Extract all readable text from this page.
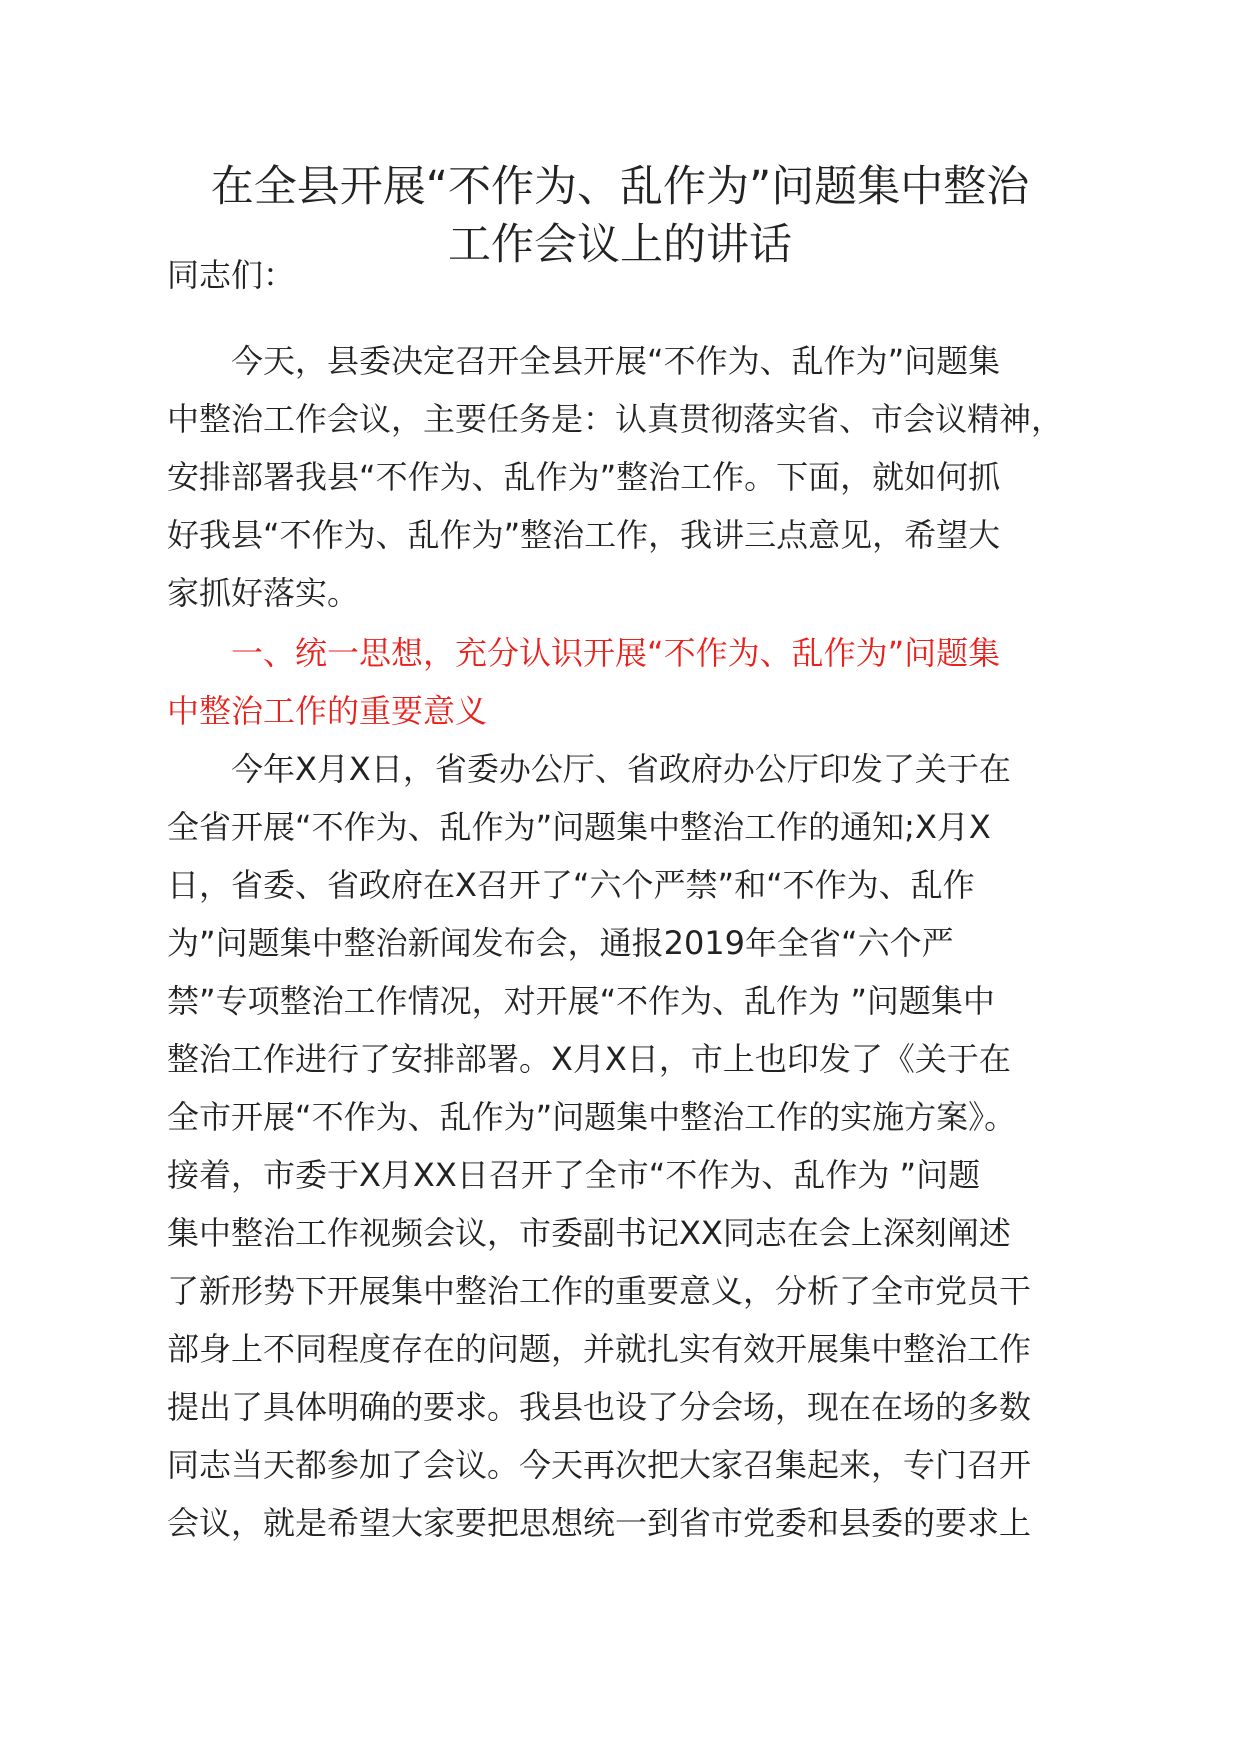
在全县开展“不作为、乱作为”问题集中整治
工作会议上的讲话
同志们：
　　今天，县委决定召开全县开展“不作为、乱作为”问题集
中整治工作会议，主要任务是：认真贯彻落实省、市会议精神，
安排部署我县“不作为、乱作为”整治工作。下面，就如何抓
好我县“不作为、乱作为”整治工作，我讲三点意见，希望大
家抓好落实。
　　一、统一思想，充分认识开展“不作为、乱作为”问题集
中整治工作的重要意义
　　今年X月X日，省委办公厅、省政府办公厅印发了关于在
全省开展“不作为、乱作为”问题集中整治工作的通知;X月X
日，省委、省政府在X召开了“六个严禁”和“不作为、乱作
为”问题集中整治新闻发布会，通报2019年全省“六个严
禁”专项整治工作情况，对开展“不作为、乱作为 ”问题集中
整治工作进行了安排部署。X月X日，市上也印发了《关于在
全市开展“不作为、乱作为”问题集中整治工作的实施方案》。
接着，市委于X月XX日召开了全市“不作为、乱作为 ”问题
集中整治工作视频会议，市委副书记XX同志在会上深刻阐述
了新形势下开展集中整治工作的重要意义，分析了全市党员干
部身上不同程度存在的问题，并就扎实有效开展集中整治工作
提出了具体明确的要求。我县也设了分会场，现在在场的多数
同志当天都参加了会议。今天再次把大家召集起来，专门召开
会议，就是希望大家要把思想统一到省市党委和县委的要求上
